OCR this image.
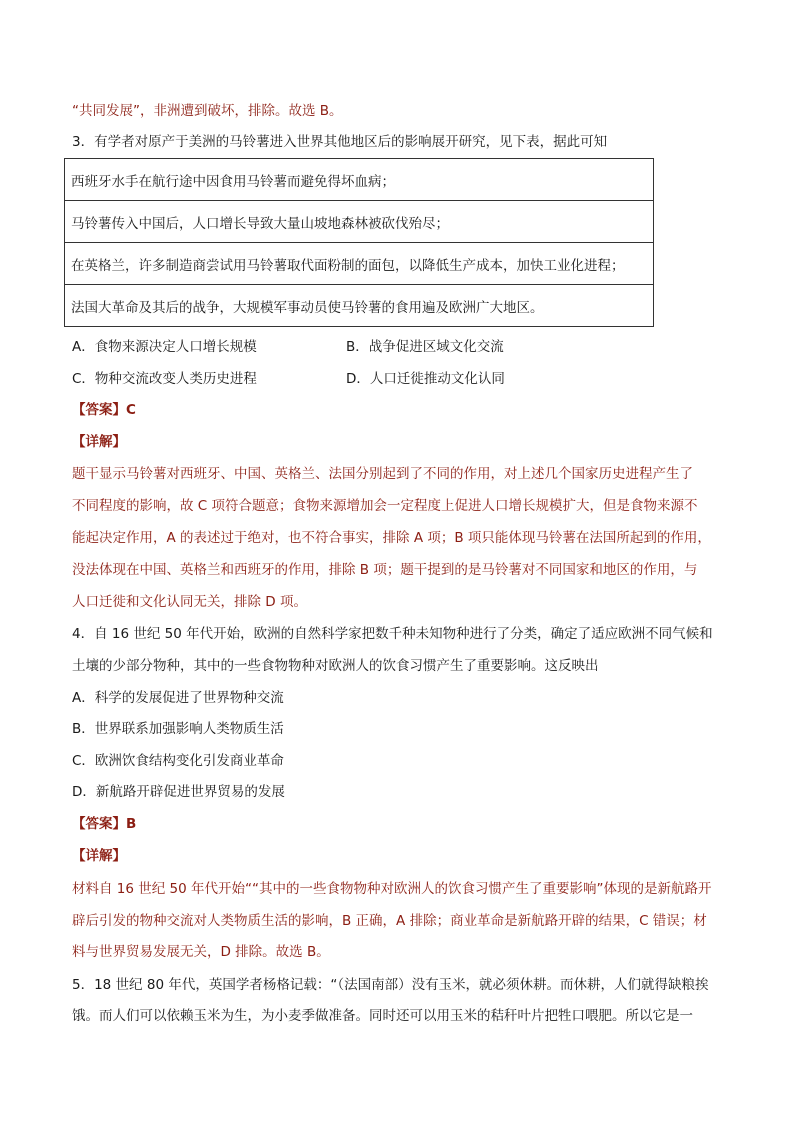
“共同发展”，非洲遭到破坏，排除。故选 B。
3．有学者对原产于美洲的马铃薯进入世界其他地区后的影响展开研究，见下表，据此可知
西班牙水手在航行途中因食用马铃薯而避免得坏血病；
马铃薯传入中国后，人口增长导致大量山坡地森林被砍伐殆尽；
在英格兰，许多制造商尝试用马铃薯取代面粉制的面包，以降低生产成本，加快工业化进程；
法国大革命及其后的战争，大规模军事动员使马铃薯的食用遍及欧洲广大地区。
A．食物来源决定人口增长规模	B．战争促进区域文化交流
C．物种交流改变人类历史进程	D．人口迁徙推动文化认同
【答案】C
【详解】
题干显示马铃薯对西班牙、中国、英格兰、法国分别起到了不同的作用，对上述几个国家历史进程产生了
不同程度的影响，故 C 项符合题意；食物来源增加会一定程度上促进人口增长规模扩大，但是食物来源不
能起决定作用，A 的表述过于绝对，也不符合事实，排除 A 项；B 项只能体现马铃薯在法国所起到的作用，
没法体现在中国、英格兰和西班牙的作用，排除 B 项；题干提到的是马铃薯对不同国家和地区的作用，与
人口迁徙和文化认同无关，排除 D 项。
4．自 16 世纪 50 年代开始，欧洲的自然科学家把数千种未知物种进行了分类，确定了适应欧洲不同气候和
土壤的少部分物种，其中的一些食物物种对欧洲人的饮食习惯产生了重要影响。这反映出
A．科学的发展促进了世界物种交流
B．世界联系加强影响人类物质生活
C．欧洲饮食结构变化引发商业革命
D．新航路开辟促进世界贸易的发展
【答案】B
【详解】
材料自 16 世纪 50 年代开始““其中的一些食物物种对欧洲人的饮食习惯产生了重要影响”体现的是新航路开
辟后引发的物种交流对人类物质生活的影响，B 正确，A 排除；商业革命是新航路开辟的结果，C 错误；材
料与世界贸易发展无关，D 排除。故选 B。
5．18 世纪 80 年代，英国学者杨格记载：“（法国南部）没有玉米，就必须休耕。而休耕，人们就得缺粮挨
饿。而人们可以依赖玉米为生，为小麦季做准备。同时还可以用玉米的秸秆叶片把牲口喂肥。所以它是一
